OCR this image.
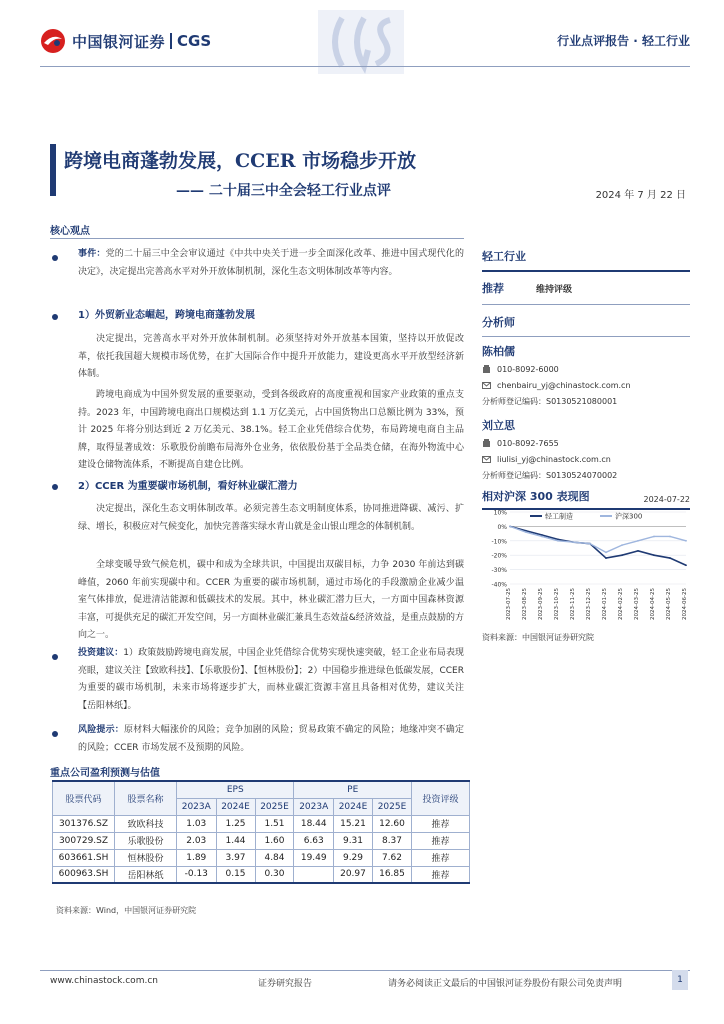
中国银河证券 CGS	行业点评报告 · 轻工行业
跨境电商蓬勃发展，CCER 市场稳步开放
—— 二十届三中全会轻工行业点评	2024 年 7 月 22 日
核心观点
事件：党的二十届三中全会审议通过《中共中央关于进一步全面深化改革、推进中国式现代化的决定》，决定提出完善高水平对外开放体制机制，深化生态文明体制改革等内容。
1）外贸新业态崛起，跨境电商蓬勃发展
决定提出，完善高水平对外开放体制机制。必须坚持对外开放基本国策，坚持以开放促改革，依托我国超大规模市场优势，在扩大国际合作中提升开放能力，建设更高水平开放型经济新体制。
跨境电商成为中国外贸发展的重要驱动，受到各级政府的高度重视和国家产业政策的重点支持。2023 年，中国跨境电商出口规模达到 1.1 万亿美元，占中国货物出口总额比例为 33%，预计 2025 年将分别达到近 2 万亿美元、38.1%。轻工企业凭借综合优势，布局跨境电商自主品牌，取得显著成效：乐歌股份前瞻布局海外仓业务，依依股份基于全品类仓储，在海外物流中心建设仓储物流体系，不断提高自建仓比例。
2）CCER 为重要碳市场机制，看好林业碳汇潜力
决定提出，深化生态文明体制改革。必须完善生态文明制度体系，协同推进降碳、减污、扩绿、增长，积极应对气候变化，加快完善落实绿水青山就是金山银山理念的体制机制。
全球变暖导致气候危机，碳中和成为全球共识，中国提出双碳目标，力争 2030 年前达到碳峰值，2060 年前实现碳中和。CCER 为重要的碳市场机制，通过市场化的手段激励企业减少温室气体排放，促进清洁能源和低碳技术的发展。其中，林业碳汇潜力巨大，一方面中国森林资源丰富，可提供充足的碳汇开发空间，另一方面林业碳汇兼具生态效益&经济效益，是重点鼓励的方向之一。
投资建议：1）政策鼓励跨境电商发展，中国企业凭借综合优势实现快速突破，轻工企业布局表现亮眼，建议关注【致欧科技】、【乐歌股份】、【恒林股份】；2）中国稳步推进绿色低碳发展，CCER 为重要的碳市场机制，未来市场将逐步扩大，而林业碳汇资源丰富且具备相对优势，建议关注【岳阳林纸】。
风险提示：原材料大幅涨价的风险；竞争加剧的风险；贸易政策不确定的风险；地缘冲突不确定的风险；CCER 市场发展不及预期的风险。
轻工行业
推荐	维持评级
分析师
陈柏儒
010-8092-6000
chenbairu_yj@chinastock.com.cn
分析师登记编码：S0130521080001
刘立思
010-8092-7655
liulisi_yj@chinastock.com.cn
分析师登记编码：S0130524070002
相对沪深 300 表现图	2024-07-22
10%
0%
-10%
-20%
-30%
-40%
2023-07-25 2023-08-25 2023-09-25 2023-10-25 2023-11-25 2023-12-25 2024-01-25 2024-02-25 2024-03-25 2024-04-25 2024-05-25 2024-06-25
轻工制造	沪深300
资料来源：中国银河证券研究院
重点公司盈利预测与估值
股票代码	股票名称	EPS			PE			投资评级
		2023A	2024E	2025E	2023A	2024E	2025E	
301376.SZ	致欧科技	1.03	1.25	1.51	18.44	15.21	12.60	推荐
300729.SZ	乐歌股份	2.03	1.44	1.60	6.63	9.31	8.37	推荐
603661.SH	恒林股份	1.89	3.97	4.84	19.49	9.29	7.62	推荐
600963.SH	岳阳林纸	-0.13	0.15	0.30		20.97	16.85	推荐
资料来源：Wind，中国银河证券研究院
www.chinastock.com.cn	证券研究报告	请务必阅读正文最后的中国银河证券股份有限公司免责声明	1
